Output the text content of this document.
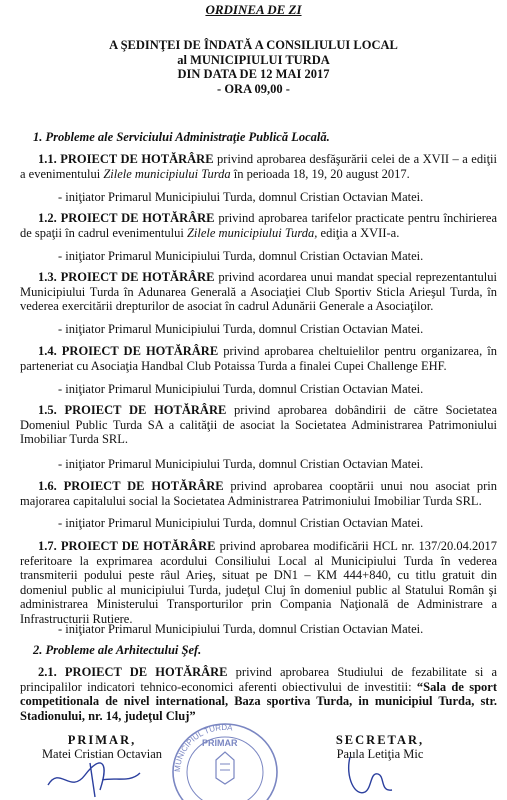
ORDINEA DE ZI
A ŞEDINŢEI DE ÎNDATĂ A CONSILIULUI LOCAL
al MUNICIPIULUI TURDA
DIN DATA DE 12 MAI 2017
- ORA 09,00 -
1. Probleme ale Serviciului Administraţie Publică Locală.
1.1. PROIECT DE HOTĂRÂRE privind aprobarea desfăşurării celei de a XVII – a ediţii a evenimentului Zilele municipiului Turda în perioada 18, 19, 20 august 2017.
- iniţiator Primarul Municipiului Turda, domnul Cristian Octavian Matei.
1.2. PROIECT DE HOTĂRÂRE privind aprobarea tarifelor practicate pentru închirierea de spaţii în cadrul evenimentului Zilele municipiului Turda, ediţia a XVII-a.
- iniţiator Primarul Municipiului Turda, domnul Cristian Octavian Matei.
1.3. PROIECT DE HOTĂRÂRE privind acordarea unui mandat special reprezentantului Municipiului Turda în Adunarea Generală a Asociaţiei Club Sportiv Sticla Arieşul Turda, în vederea exercitării drepturilor de asociat în cadrul Adunării Generale a Asociaţilor.
- iniţiator Primarul Municipiului Turda, domnul Cristian Octavian Matei.
1.4. PROIECT DE HOTĂRÂRE privind aprobarea cheltuielilor pentru organizarea, în parteneriat cu Asociaţia Handbal Club Potaissa Turda a finalei Cupei Challenge EHF.
- iniţiator Primarul Municipiului Turda, domnul Cristian Octavian Matei.
1.5. PROIECT DE HOTĂRÂRE privind aprobarea dobândirii de către Societatea Domeniul Public Turda SA a calităţii de asociat la Societatea Administrarea Patrimoniului Imobiliar Turda SRL.
- iniţiator Primarul Municipiului Turda, domnul Cristian Octavian Matei.
1.6. PROIECT DE HOTĂRÂRE privind aprobarea cooptării unui nou asociat prin majorarea capitalului social la Societatea Administrarea Patrimoniului Imobiliar Turda SRL.
- iniţiator Primarul Municipiului Turda, domnul Cristian Octavian Matei.
1.7. PROIECT DE HOTĂRÂRE privind aprobarea modificării HCL nr. 137/20.04.2017 referitoare la exprimarea acordului Consiliului Local al Municipiului Turda în vederea transmiterii podului peste râul Arieş, situat pe DN1 – KM 444+840, cu titlu gratuit din domeniul public al municipiului Turda, judeţul Cluj în domeniul public al Statului Român şi administrarea Ministerului Transporturilor prin Compania Naţională de Administrare a Infrastructurii Rutiere.
- iniţiator Primarul Municipiului Turda, domnul Cristian Octavian Matei.
2. Probleme ale Arhitectului Şef.
2.1. PROIECT DE HOTĂRÂRE privind aprobarea Studiului de fezabilitate si a principalilor indicatori tehnico-economici aferenti obiectivului de investitii: “Sala de sport competitionala de nivel international, Baza sportiva Turda, in municipiul Turda, str. Stadionului, nr. 14, judeţul Cluj”
PRIMAR,
Matei Cristian Octavian
PRIMAR
MUNICIPIUL TURDA
SECRETAR,
Paula Letiţia Mic
